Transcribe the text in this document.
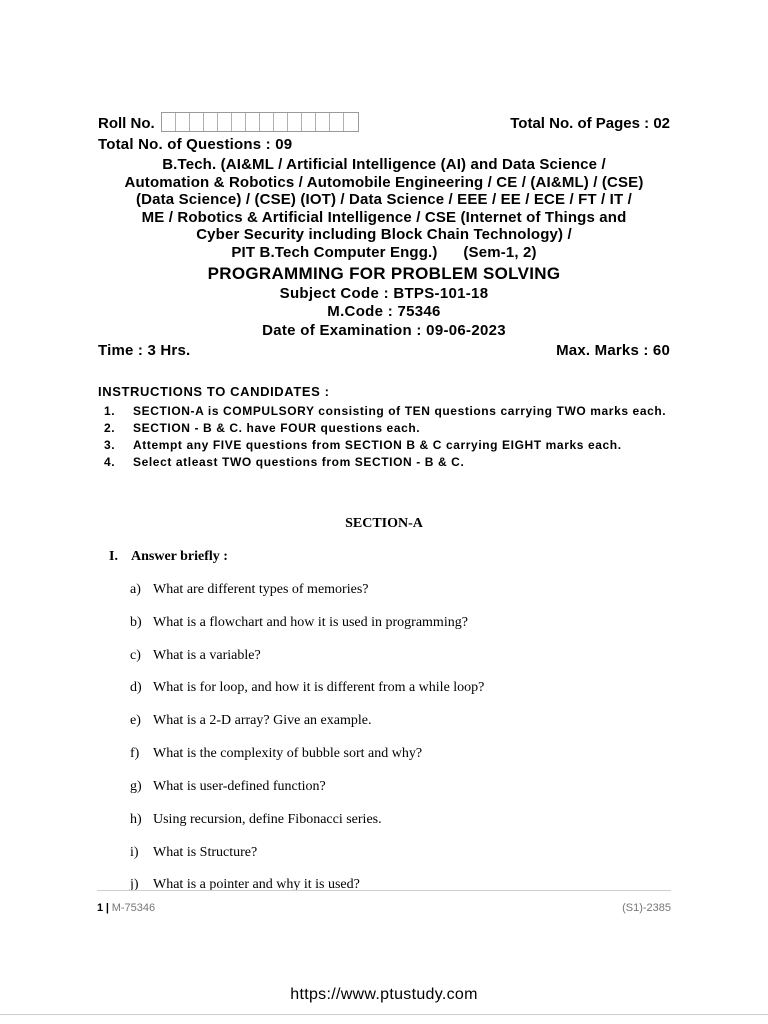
Roll No.	Total No. of Pages : 02
Total No. of Questions : 09
B.Tech. (AI&ML / Artificial Intelligence (AI) and Data Science /
Automation & Robotics / Automobile Engineering / CE / (AI&ML) / (CSE)
(Data Science) / (CSE) (IOT) / Data Science / EEE / EE / ECE / FT / IT /
ME / Robotics & Artificial Intelligence / CSE (Internet of Things and
Cyber Security including Block Chain Technology) /
PIT B.Tech Computer Engg.)      (Sem-1, 2)
PROGRAMMING FOR PROBLEM SOLVING
Subject Code : BTPS-101-18
M.Code : 75346
Date of Examination : 09-06-2023
Time : 3 Hrs.	Max. Marks : 60
INSTRUCTIONS TO CANDIDATES :
1.	SECTION-A is COMPULSORY consisting of TEN questions carrying TWO marks each.
2.	SECTION - B & C. have FOUR questions each.
3.	Attempt any FIVE questions from SECTION B & C carrying EIGHT marks each.
4.	Select atleast TWO questions from SECTION - B & C.
SECTION-A
I. Answer briefly :
a) What are different types of memories?
b) What is a flowchart and how it is used in programming?
c) What is a variable?
d) What is for loop, and how it is different from a while loop?
e) What is a 2-D array? Give an example.
f) What is the complexity of bubble sort and why?
g) What is user-defined function?
h) Using recursion, define Fibonacci series.
i) What is Structure?
j) What is a pointer and why it is used?
1 | M-75346	(S1)-2385
https://www.ptustudy.com
